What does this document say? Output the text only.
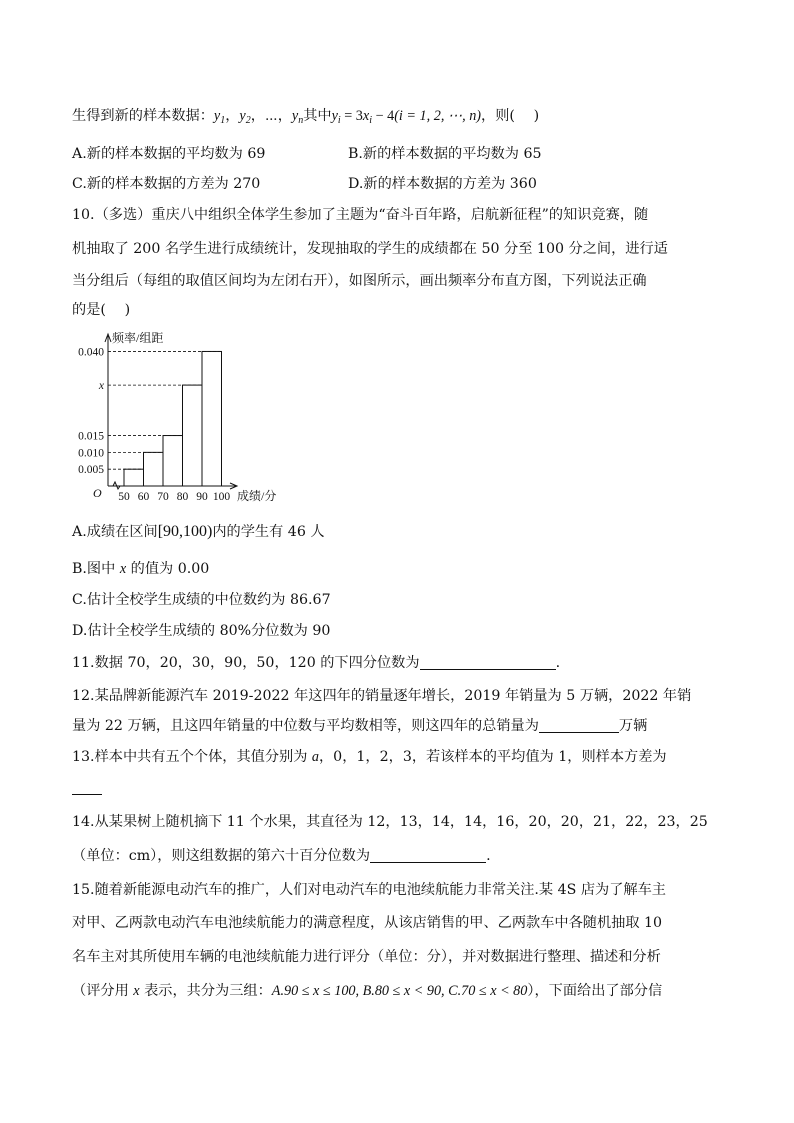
生得到新的样本数据：$y_1$，$y_2$，⋯，$y_n$其中$y_i = 3x_i - 4(i = 1$, 2, ⋯, n)，则(　 )
A.新的样本数据的平均数为 69	B.新的样本数据的平均数为 65
C.新的样本数据的方差为 270	D.新的样本数据的方差为 360
10.（多选）重庆八中组织全体学生参加了主题为“奋斗百年路，启航新征程”的知识竞赛，随
机抽取了 200 名学生进行成绩统计，发现抽取的学生的成绩都在 50 分至 100 分之间，进行适
当分组后（每组的取值区间均为左闭右开），如图所示，画出频率分布直方图，下列说法正确
的是(　 )
0.040
x
0.015
0.010
0.005
50 60 70 80 90 100
频率/组距
成绩/分
O
A.成绩在区间[90,100)内的学生有 46 人
B.图中 x 的值为 0.00
C.估计全校学生成绩的中位数约为 86.67
D.估计全校学生成绩的 80%分位数为 90
11.数据 70，20，30，90，50，120 的下四分位数为	.
12.某品牌新能源汽车 2019-2022 年这四年的销量逐年增长，2019 年销量为 5 万辆，2022 年销
量为 22 万辆，且这四年销量的中位数与平均数相等，则这四年的总销量为	万辆
13.样本中共有五个个体，其值分别为 a，0，1，2，3，若该样本的平均值为 1，则样本方差为
14.从某果树上随机摘下 11 个水果，其直径为 12，13，14，14，16，20，20，21，22，23，25
（单位：cm），则这组数据的第六十百分位数为	.
15.随着新能源电动汽车的推广，人们对电动汽车的电池续航能力非常关注.某 4S 店为了解车主
对甲、乙两款电动汽车电池续航能力的满意程度，从该店销售的甲、乙两款车中各随机抽取 10
名车主对其所使用车辆的电池续航能力进行评分（单位：分），并对数据进行整理、描述和分析
（评分用 x 表示，共分为三组：A.90 ≤ x ≤ 100, B.80 ≤ x < 90, C.70 ≤ x < 80），下面给出了部分信
